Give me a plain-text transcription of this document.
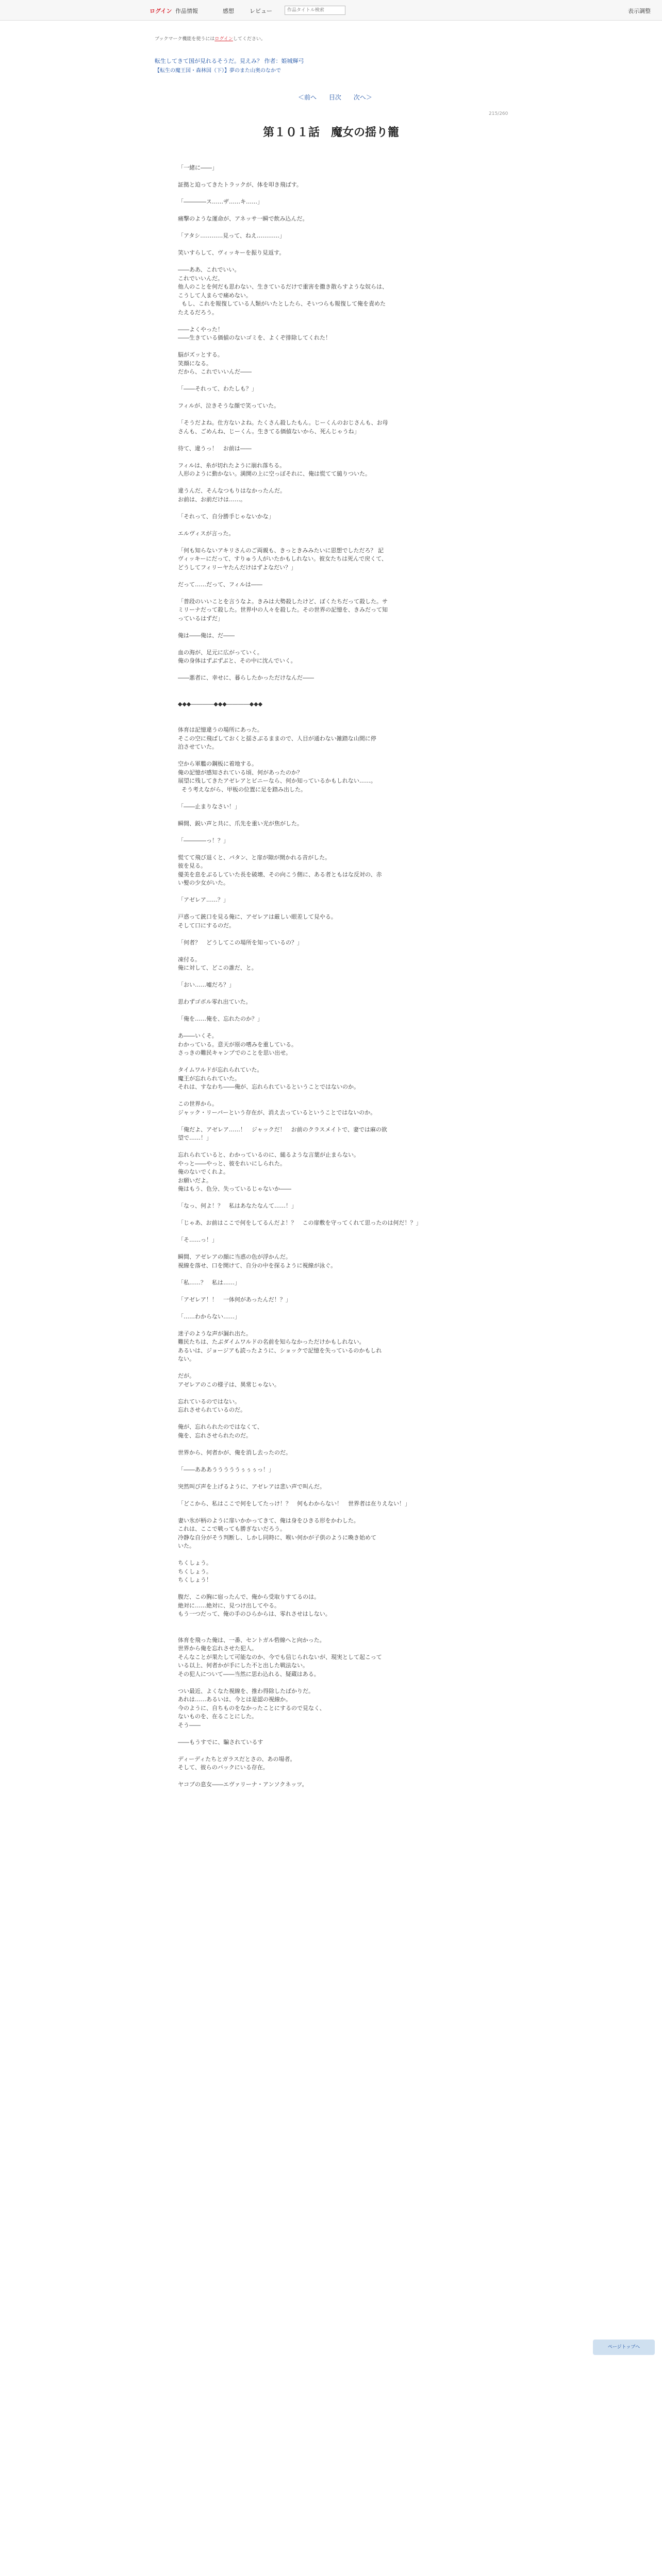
ログイン 作品情報	感想	レビュー
作品タイトル検索	表示調整
ブックマーク機能を使うにはログインしてください。
転生してきて国が見れるそうだ。見えみ？ 作者：姫城輝弓
【転生の魔王国・森林国（下）】夢のまた山奥のなかで
＜前へ 目次 次へ＞
215/260
第１０１話　魔女の揺り籠

「一緒に――」

証拠と迫ってきたトラックが、体を叩き飛ばす。

「――――ス……ザ……キ……」

痛撃のような運命が、アネッサ一瞬で飲み込んだ。

「アタシ…………見って、ねえ…………」

笑いすらして、ヴィッキーを振り見返す。

――ああ、これでいい。
これでいいんだ。
他人のことを何だも思わない、生きているだけで重害を撒き散らすような奴らは、
こうして人まらで痛めない。
もし、これを報復している人類がいたとしたら、そいつらも報復して俺を責めた
たえるだろう。

――よくやった！
――生きている価値のないゴミを、よくぞ排除してくれた！

脳がズッとする。
笑顔になる。
だから、これでいいんだ――

「――それって、わたしも？」

フィルが、泣きそうな顔で笑っていた。

「そうだよね。仕方ないよね。たくさん殺したもん。じーくんのおじさんも、お母
さんも、ごめんね、じーくん。生きてる価値ないから、死んじゃうね」

待て、違うっ！　お前は――

フィルは、糸が切れたように崩れ落ちる。
人形のように動かない。満開の上に空っぽそれに、俺は慌てて縋りついた。

違うんだ、そんなつもりはなかったんだ。
お前は、お前だけは……。

「それって、自分勝手じゃないかな」

エルヴィスが言った。

「何も知らないアキリさんのご両親も、きっときみみたいに思想でしただろ？ 記
ヴィッキーにだって、すりゅう人がいたかもしれない。彼女たちは死んで戻くて、
どうしてフィリーヤたんだけはずよなだい？」

だって……だって、フィルは――

「普段のいいことを言うなよ。きみは大勢殺したけど、ぼくたちだって殺した。サ
ミリーナだって殺した。世界中の人々を殺した。その世界の記憶を、きみだって知
っているはずだ」

俺は――俺は、だ――

血の海が、足元に広がっていく。
俺の身体はずぶずぶと、その中に沈んでいく。

――悪者に、幸せに、暮らしたかっただけなんだ――

◆◆◆――――◆◆◆――――◆◆◆

体育は記憶違うの場所にあった。
そこの空に飛ばしておくと揺さぶるままので、人目が通わない雑踏な山間に停
泊させていた。

空から軍艦の鋼板に着地する。
俺の記憶が感知されている頃、何があったのか？
展望に残してきたアゼレアとビニーなら、何か知っているかもしれない……。
そう考えながら、甲板の位置に足を踏み出した。

「――止まりなさい！」

瞬間、鋭い声と共に、爪先を重い光が焦がした。

「――――っ！？」

慌てて飛び退くと、パタン、と扉が隙が開かれる音がした。
彼を見る。
優美を息をぶるしていた長を破壊、その向こう側に、ある者ともはな反対の、赤
い髪の少女がいた。

「アゼレア……？」

戸惑って銃口を見る俺に、アゼレアは厳しい眼差して見やる。
そして口にするのだ。

「何者？　どうしてこの場所を知っているの？」

凍付る。
俺に対して、どこの誰だ、と。

「おい……嘘だろ？」

思わずゴボル零れ出ていた。

「俺を……俺を、忘れたのか？」

あ――いくそ。
わかっている。意天が原の嗜みを重している。
さっきの難民キャンプでのことを思い出せ。

タイムワルドが忘れられていた。
魔王が忘れられていた。
それは、すなわち――俺が、忘れられているということではないのか。

この世界から。
ジャック・リーパーという存在が、消え去っているということではないのか。

「俺だよ、アゼレア……！　ジャックだ！　お前のクラスメイトで、妻では麻の欲
望で……！」

忘れられていると、わかっているのに、縋るような言葉が止まらない。
やっと――やっと、彼をれいにしられた。
俺のないでくれよ。
お願いだよ。
俺はもう、色分、失っているじゃないか――

「なっ、何よ！？　私はあなたなんて……！」

「じゃあ、お前はここで何をしてるんだよ！？　この扉敷を守ってくれて思ったのは何だ！？」

「そ……っ！」

瞬間、アゼレアの顔に当惑の色が浮かんだ。
視線を落せ、口を開けて、自分の中を探るように視線が泳ぐ。

「私……？　私は……」

「アゼレア！！　一体何があったんだ！？」

「……わからない……」

迷子のような声が漏れ出た。
難民たちは、たぶダイムワルドの名前を知らなかっただけかもしれない。
あるいは、ジョージアも読ったように、ショックで記憶を失っているのかもしれ
ない。

だが。
アゼレアのこの様子は、異常じゃない。

忘れているのではない。
忘れさせられているのだ。

俺が、忘れられたのではなくて、
俺を、忘れさせられたのだ。

世界から、何者かが、俺を消し去ったのだ。

「――あああうううううぅぅぅっ！」

突然叫び声を上げるように、アゼレアは悲い声で叫んだ。

「どこから、私はここで何をしてたっけ！？　何もわからない！　世界者は在りえない！」

妻い氷が柄のように扉いかかってきて、俺は身をひきる形をかわした。
これは、ここで戦っても勝ぎないだろう。
冷静な自分がそう判断し、しかし同時に、喉い何かが子供のように喚き始めて
いた。

ちくしょう。
ちくしょう。
ちくしょう！

腹だ、この胸に宿ったんで、俺から受取りすてるのは。
絶対に……絶対に、見つけ出してやる。
もう一つだって、俺の手のひらからは、零れさせはしない。

体育を飛った俺は、一番、セントガル砦線へと向かった。
世界から俺を忘れさせた犯人。
そんなことが果たして可能なのか、今でも信じられないが、現実として起こって
いる以上、何者かが手にした不と出した戦法ない。
その犯人について――当然に思わ込れる、疑蔵はある。

つい最近、よくなた視線を、推わ得除したばかりだ。
あれは……あるいは、今とは是認の視線か。
今のように、自ちものをなかったことにするので見なく、
ないものを、在ることにした。
そう――

――もうすでに、騙されているす

ディーディたちとガラスだとさの、あの場者。
そして、彼らのバックにいる存在。

ヤコブの息女――エヴァリーナ・アンソクネッツ。

ページトップへ
